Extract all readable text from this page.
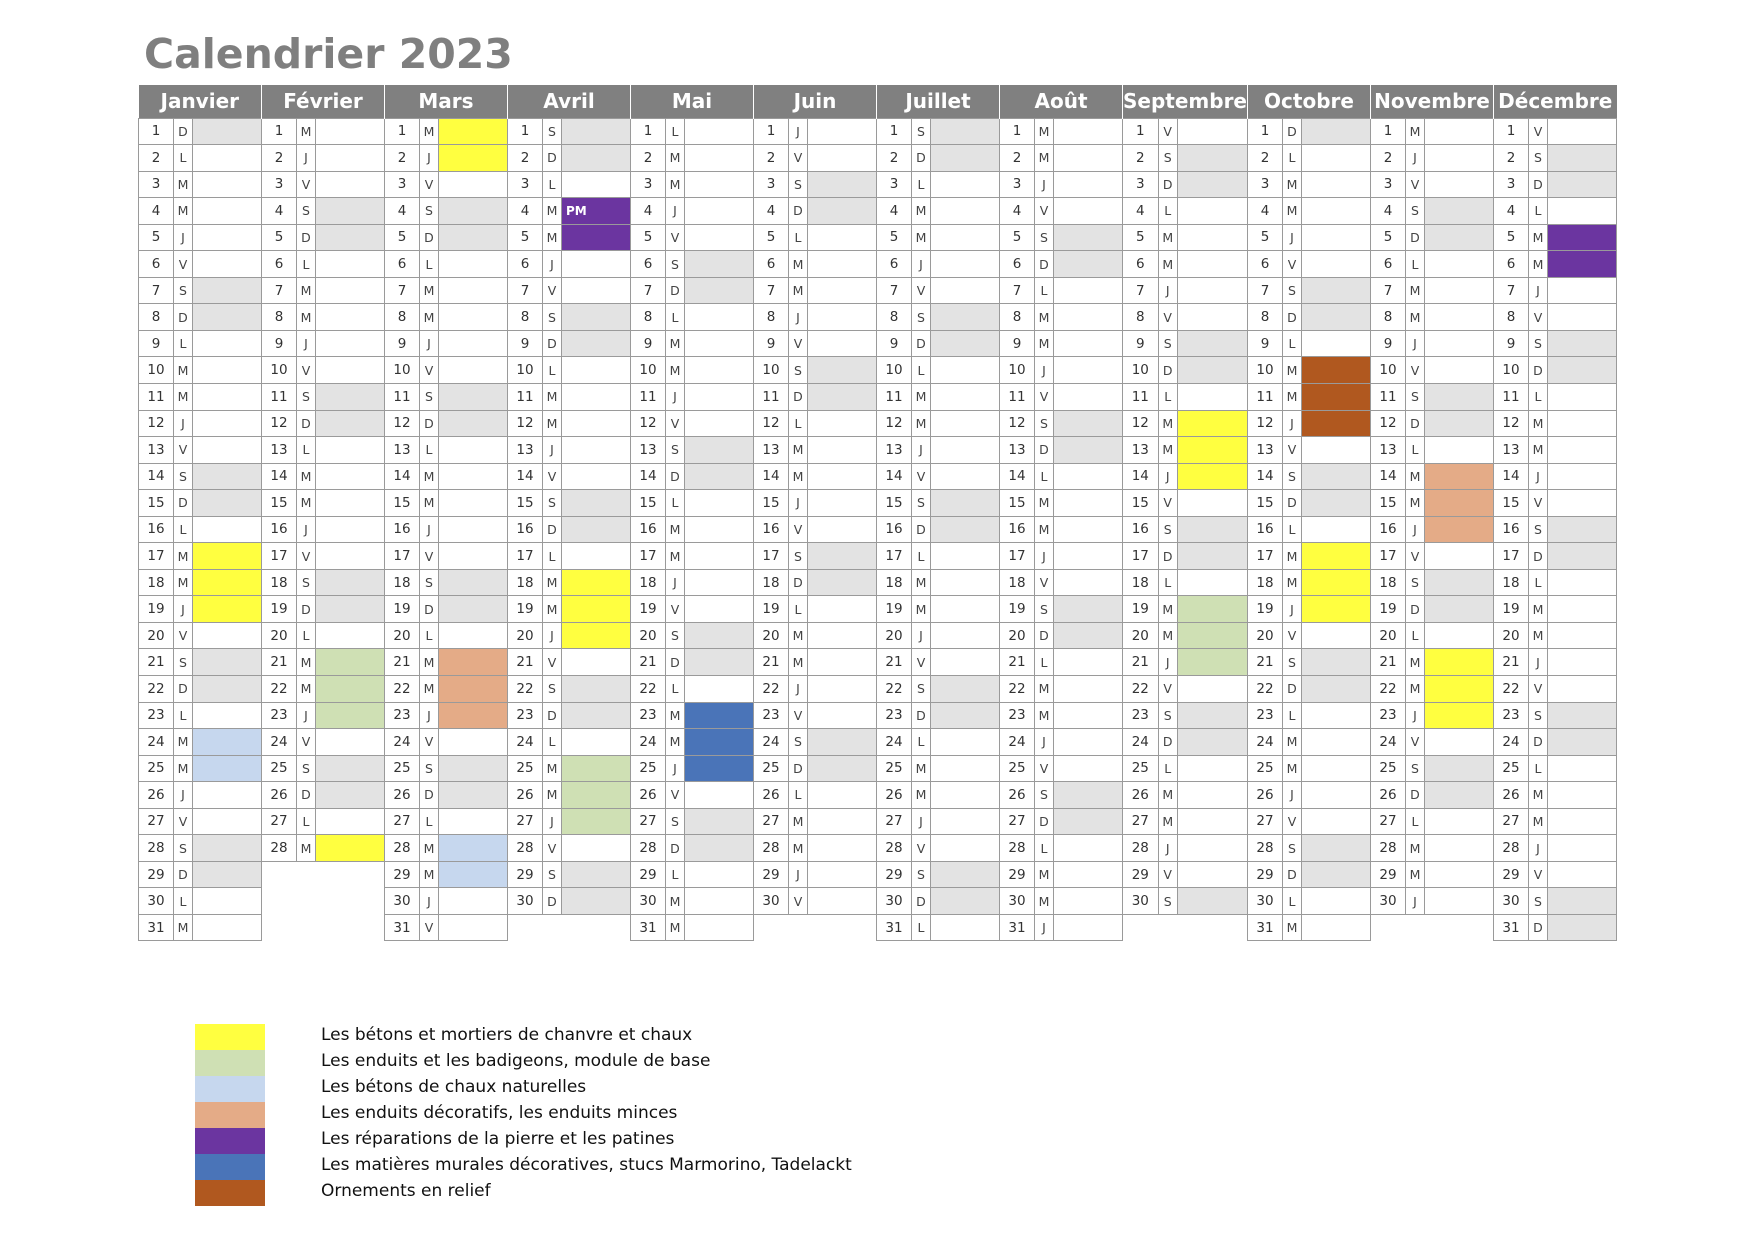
Calendrier 2023
Janvier			Février			Mars			Avril			Mai			Juin			Juillet			Août			Septembre			Octobre			Novembre			Décembre		
1	D		1	M		1	M		1	S		1	L		1	J		1	S		1	M		1	V		1	D		1	M		1	V	
2	L		2	J		2	J		2	D		2	M		2	V		2	D		2	M		2	S		2	L		2	J		2	S	
3	M		3	V		3	V		3	L		3	M		3	S		3	L		3	J		3	D		3	M		3	V		3	D	
4	M		4	S		4	S		4	M	PM	4	J		4	D		4	M		4	V		4	L		4	M		4	S		4	L	
5	J		5	D		5	D		5	M		5	V		5	L		5	M		5	S		5	M		5	J		5	D		5	M	
6	V		6	L		6	L		6	J		6	S		6	M		6	J		6	D		6	M		6	V		6	L		6	M	
7	S		7	M		7	M		7	V		7	D		7	M		7	V		7	L		7	J		7	S		7	M		7	J	
8	D		8	M		8	M		8	S		8	L		8	J		8	S		8	M		8	V		8	D		8	M		8	V	
9	L		9	J		9	J		9	D		9	M		9	V		9	D		9	M		9	S		9	L		9	J		9	S	
10	M		10	V		10	V		10	L		10	M		10	S		10	L		10	J		10	D		10	M		10	V		10	D	
11	M		11	S		11	S		11	M		11	J		11	D		11	M		11	V		11	L		11	M		11	S		11	L	
12	J		12	D		12	D		12	M		12	V		12	L		12	M		12	S		12	M		12	J		12	D		12	M	
13	V		13	L		13	L		13	J		13	S		13	M		13	J		13	D		13	M		13	V		13	L		13	M	
14	S		14	M		14	M		14	V		14	D		14	M		14	V		14	L		14	J		14	S		14	M		14	J	
15	D		15	M		15	M		15	S		15	L		15	J		15	S		15	M		15	V		15	D		15	M		15	V	
16	L		16	J		16	J		16	D		16	M		16	V		16	D		16	M		16	S		16	L		16	J		16	S	
17	M		17	V		17	V		17	L		17	M		17	S		17	L		17	J		17	D		17	M		17	V		17	D	
18	M		18	S		18	S		18	M		18	J		18	D		18	M		18	V		18	L		18	M		18	S		18	L	
19	J		19	D		19	D		19	M		19	V		19	L		19	M		19	S		19	M		19	J		19	D		19	M	
20	V		20	L		20	L		20	J		20	S		20	M		20	J		20	D		20	M		20	V		20	L		20	M	
21	S		21	M		21	M		21	V		21	D		21	M		21	V		21	L		21	J		21	S		21	M		21	J	
22	D		22	M		22	M		22	S		22	L		22	J		22	S		22	M		22	V		22	D		22	M		22	V	
23	L		23	J		23	J		23	D		23	M		23	V		23	D		23	M		23	S		23	L		23	J		23	S	
24	M		24	V		24	V		24	L		24	M		24	S		24	L		24	J		24	D		24	M		24	V		24	D	
25	M		25	S		25	S		25	M		25	J		25	D		25	M		25	V		25	L		25	M		25	S		25	L	
26	J		26	D		26	D		26	M		26	V		26	L		26	M		26	S		26	M		26	J		26	D		26	M	
27	V		27	L		27	L		27	J		27	S		27	M		27	J		27	D		27	M		27	V		27	L		27	M	
28	S		28	M		28	M		28	V		28	D		28	M		28	V		28	L		28	J		28	S		28	M		28	J	
29	D					29	M		29	S		29	L		29	J		29	S		29	M		29	V		29	D		29	M		29	V	
30	L					30	J		30	D		30	M		30	V		30	D		30	M		30	S		30	L		30	J		30	S	
31	M					31	V					31	M					31	L		31	J					31	M					31	D	
Les bétons et mortiers de chanvre et chaux
Les enduits et les badigeons, module de base
Les bétons de chaux naturelles
Les enduits décoratifs, les enduits minces
Les réparations de la pierre et les patines
Les matières murales décoratives, stucs Marmorino, Tadelackt
Ornements en relief
